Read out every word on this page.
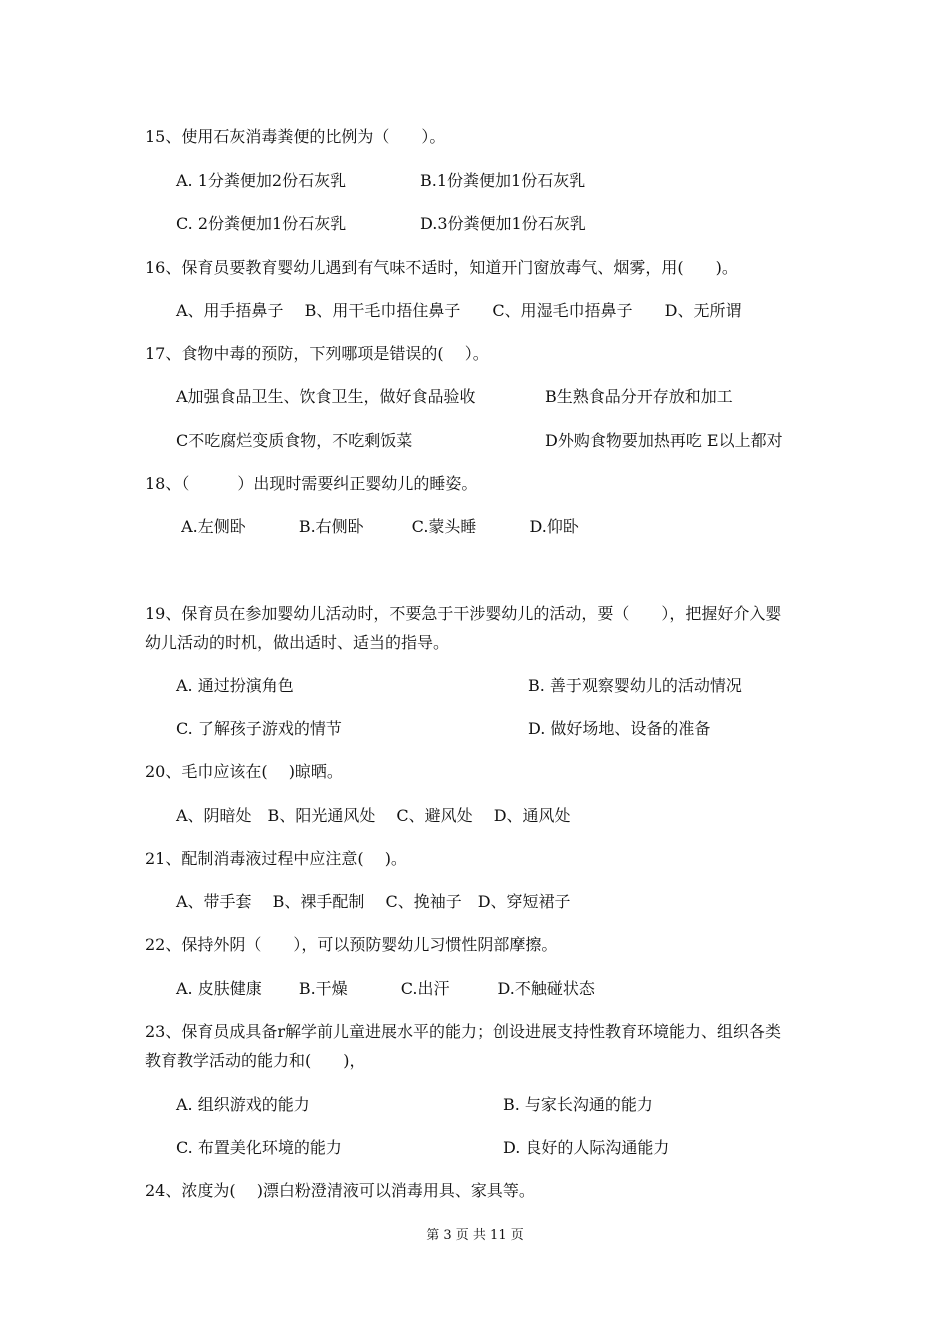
15、使用石灰消毒粪便的比例为（　　）。
A. 1分粪便加2份石灰乳	B.1份粪便加1份石灰乳
C. 2份粪便加1份石灰乳	D.3份粪便加1份石灰乳
16、保育员要教育婴幼儿遇到有气味不适时，知道开门窗放毒气、烟雾，用(　　)。
A、用手捂鼻子　 B、用干毛巾捂住鼻子　　C、用湿毛巾捂鼻子　　D、无所谓
17、食物中毒的预防，下列哪项是错误的(　 ）。
A加强食品卫生、饮食卫生，做好食品验收	B生熟食品分开存放和加工
C不吃腐烂变质食物，不吃剩饭菜	D外购食物要加热再吃 E以上都对
18、（　　　）出现时需要纠正婴幼儿的睡姿。
A.左侧卧　　　 B.右侧卧　　　C.蒙头睡　　　 D.仰卧
19、保育员在参加婴幼儿活动时，不要急于干涉婴幼儿的活动，要（　　），把握好介入婴
幼儿活动的时机，做出适时、适当的指导。
A. 通过扮演角色	B. 善于观察婴幼儿的活动情况
C. 了解孩子游戏的情节	D. 做好场地、设备的准备
20、毛巾应该在(　 )晾晒。
A、阴暗处　B、阳光通风处　 C、避风处　 D、通风处
21、配制消毒液过程中应注意(　 )。
A、带手套　 B、裸手配制　 C、挽袖子　D、穿短裙子
22、保持外阴（　　），可以预防婴幼儿习惯性阴部摩擦。
A. 皮肤健康　　 B.干燥　　　 C.出汗　　　D.不触碰状态
23、保育员成具备r解学前儿童进展水平的能力；创设进展支持性教育环境能力、组织各类
教育教学活动的能力和(　　)，
A. 组织游戏的能力	B. 与家长沟通的能力
C. 布置美化环境的能力	D. 良好的人际沟通能力
24、浓度为(　 )漂白粉澄清液可以消毒用具、家具等。
第 3 页 共 11 页
